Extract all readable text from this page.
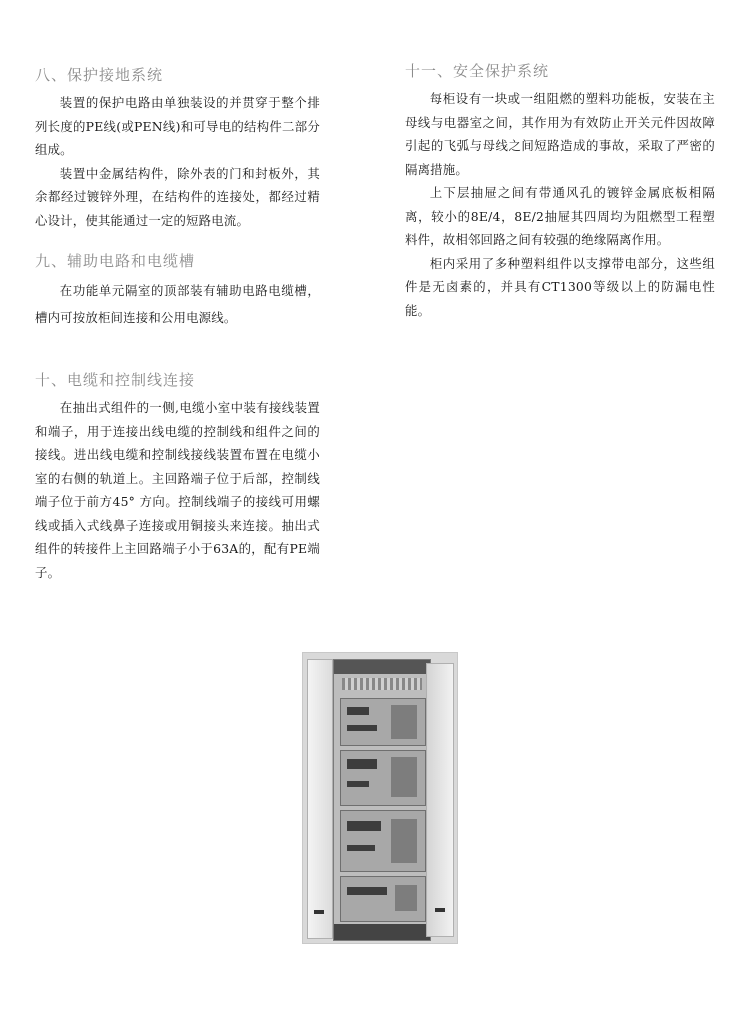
八、保护接地系统

装置的保护电路由单独装设的并贯穿于整个排列长度的PE线(或PEN线)和可导电的结构件二部分组成。

装置中金属结构件，除外表的门和封板外，其余都经过镀锌外理，在结构件的连接处，都经过精心设计，使其能通过一定的短路电流。

九、辅助电路和电缆槽

在功能单元隔室的顶部装有辅助电路电缆槽，槽内可按放柜间连接和公用电源线。

十、电缆和控制线连接

在抽出式组件的一侧,电缆小室中装有接线装置和端子，用于连接出线电缆的控制线和组件之间的接线。进出线电缆和控制线接线装置布置在电缆小室的右侧的轨道上。主回路端子位于后部，控制线端子位于前方45° 方向。控制线端子的接线可用螺线或插入式线鼻子连接或用铜接头来连接。抽出式组件的转接件上主回路端子小于63A的，配有PE端子。

十一、安全保护系统

每柜设有一块或一组阻燃的塑料功能板，安装在主母线与电器室之间，其作用为有效防止开关元件因故障引起的飞弧与母线之间短路造成的事故，采取了严密的隔离措施。

上下层抽屉之间有带通风孔的镀锌金属底板相隔离，较小的8E/4，8E/2抽屉其四周均为阻燃型工程塑料件，故相邻回路之间有较强的绝缘隔离作用。

柜内采用了多种塑料组件以支撑带电部分，这些组件是无卤素的，并具有CT1300等级以上的防漏电性能。
